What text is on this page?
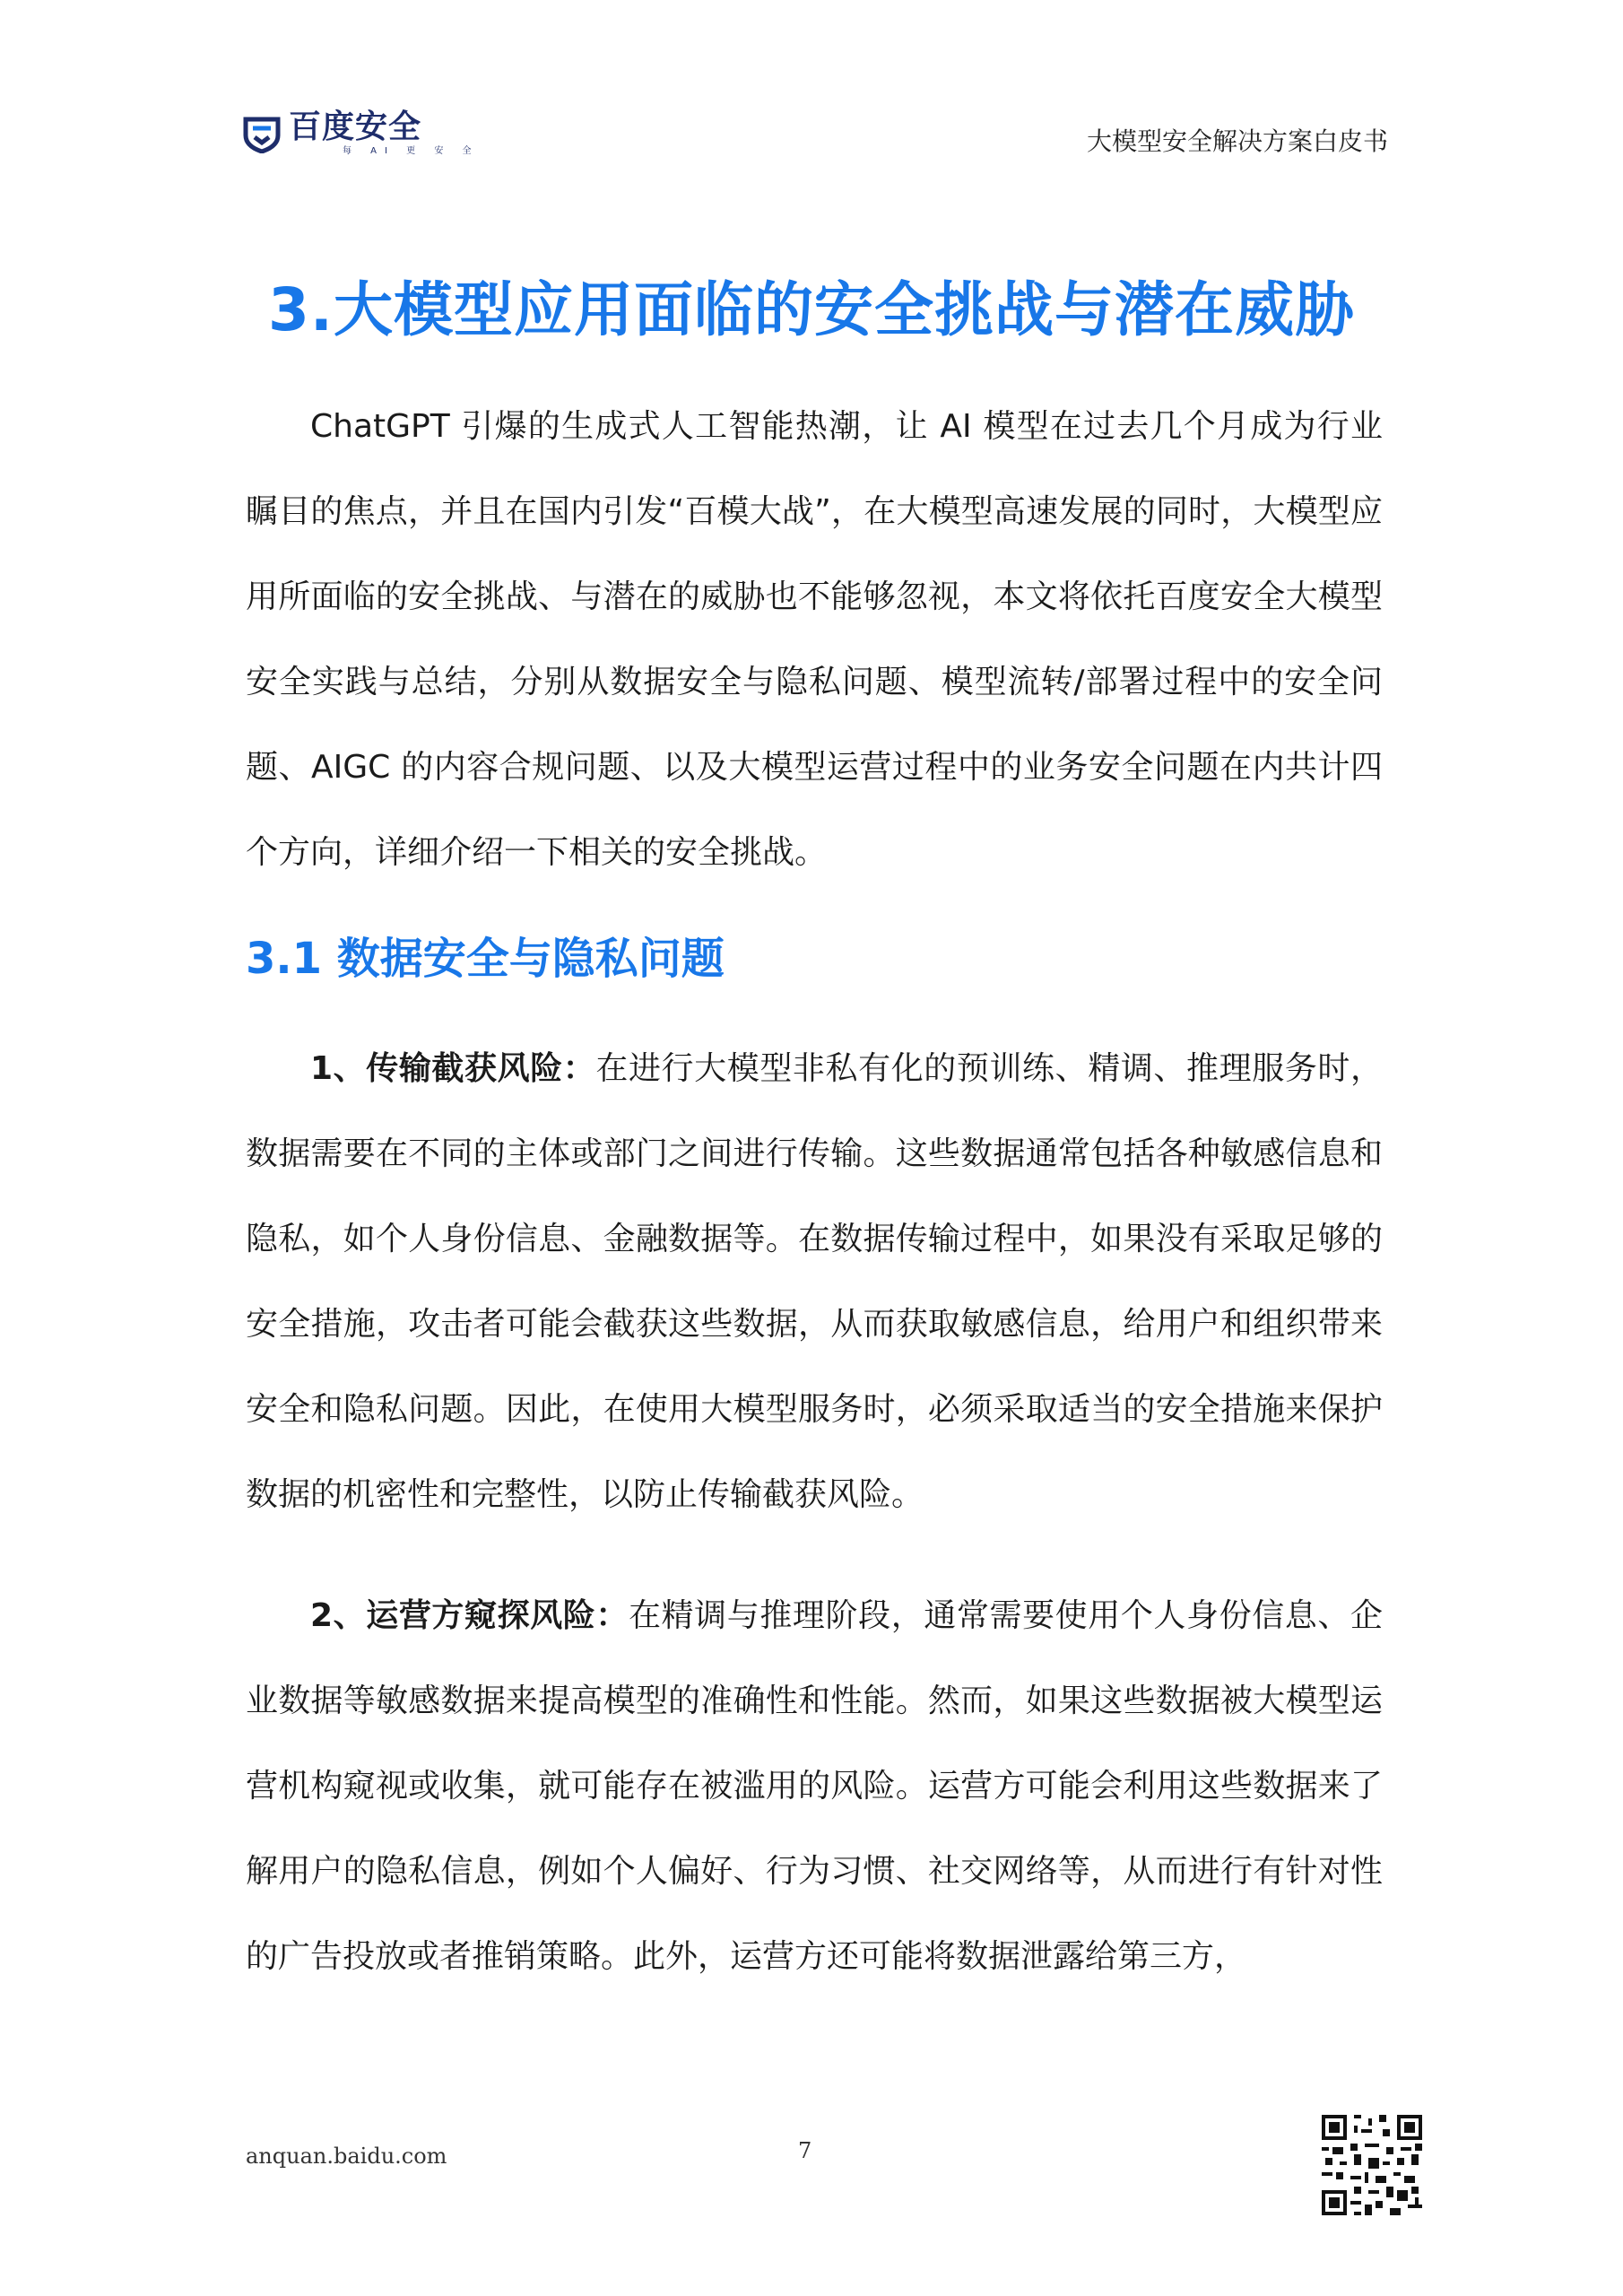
百度安全
每 AI 更 安 全	大模型安全解决方案白皮书
3.大模型应用面临的安全挑战与潜在威胁

ChatGPT 引爆的生成式人工智能热潮，让 AI 模型在过去几个月成为行业瞩目的焦点，并且在国内引发“百模大战”，在大模型高速发展的同时，大模型应用所面临的安全挑战、与潜在的威胁也不能够忽视，本文将依托百度安全大模型安全实践与总结，分别从数据安全与隐私问题、模型流转/部署过程中的安全问题、AIGC 的内容合规问题、以及大模型运营过程中的业务安全问题在内共计四个方向，详细介绍一下相关的安全挑战。

3.1 数据安全与隐私问题

1、传输截获风险：在进行大模型非私有化的预训练、精调、推理服务时，数据需要在不同的主体或部门之间进行传输。这些数据通常包括各种敏感信息和隐私，如个人身份信息、金融数据等。在数据传输过程中，如果没有采取足够的安全措施，攻击者可能会截获这些数据，从而获取敏感信息，给用户和组织带来安全和隐私问题。因此，在使用大模型服务时，必须采取适当的安全措施来保护数据的机密性和完整性，以防止传输截获风险。

2、运营方窥探风险：在精调与推理阶段，通常需要使用个人身份信息、企业数据等敏感数据来提高模型的准确性和性能。然而，如果这些数据被大模型运营机构窥视或收集，就可能存在被滥用的风险。运营方可能会利用这些数据来了解用户的隐私信息，例如个人偏好、行为习惯、社交网络等，从而进行有针对性的广告投放或者推销策略。此外，运营方还可能将数据泄露给第三方，

anquan.baidu.com	7
